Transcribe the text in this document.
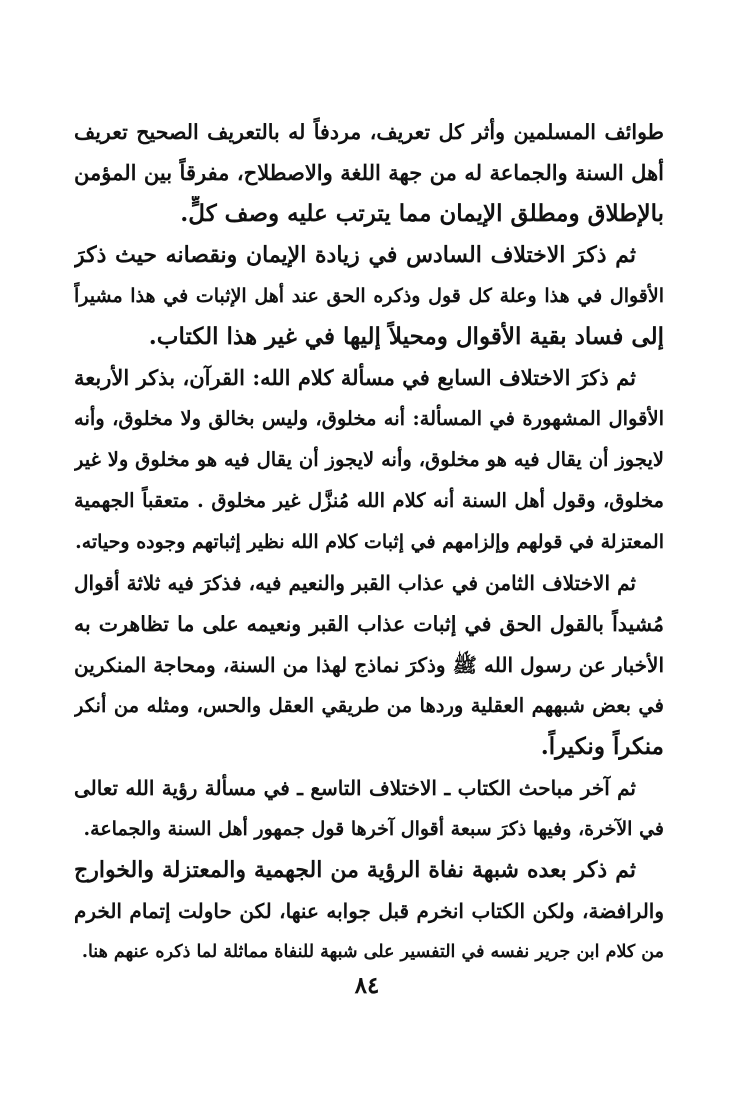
طوائف المسلمين وأثر كل تعريف، مردفاً له بالتعريف الصحيح تعريف
أهل السنة والجماعة له من جهة اللغة والاصطلاح، مفرقاً بين المؤمن
بالإطلاق ومطلق الإيمان مما يترتب عليه وصف كلٍّ.
ثم ذكرَ الاختلاف السادس في زيادة الإيمان ونقصانه حيث ذكرَ
الأقوال في هذا وعلة كل قول وذكره الحق عند أهل الإثبات في هذا مشيراً
إلى فساد بقية الأقوال ومحيلاً إليها في غير هذا الكتاب.
ثم ذكرَ الاختلاف السابع في مسألة كلام الله: القرآن، بذكر الأربعة
الأقوال المشهورة في المسألة: أنه مخلوق، وليس بخالق ولا مخلوق، وأنه
لايجوز أن يقال فيه هو مخلوق، وأنه لايجوز أن يقال فيه هو مخلوق ولا غير
مخلوق، وقول أهل السنة أنه كلام الله مُنزَّل غير مخلوق . متعقباً الجهمية
المعتزلة في قولهم وإلزامهم في إثبات كلام الله نظير إثباتهم وجوده وحياته.
ثم الاختلاف الثامن في عذاب القبر والنعيم فيه، فذكرَ فيه ثلاثة أقوال
مُشيداً بالقول الحق في إثبات عذاب القبر ونعيمه على ما تظاهرت به
الأخبار عن رسول الله ﷺ وذكرَ نماذج لهذا من السنة، ومحاجة المنكرين
في بعض شبههم العقلية وردها من طريقي العقل والحس، ومثله من أنكر
منكراً ونكيراً.
ثم آخر مباحث الكتاب ـ الاختلاف التاسع ـ في مسألة رؤية الله تعالى
في الآخرة، وفيها ذكرَ سبعة أقوال آخرها قول جمهور أهل السنة والجماعة.
ثم ذكر بعده شبهة نفاة الرؤية من الجهمية والمعتزلة والخوارج
والرافضة، ولكن الكتاب انخرم قبل جوابه عنها، لكن حاولت إتمام الخرم
من كلام ابن جرير نفسه في التفسير على شبهة للنفاة مماثلة لما ذكره عنهم هنا.
٨٤
